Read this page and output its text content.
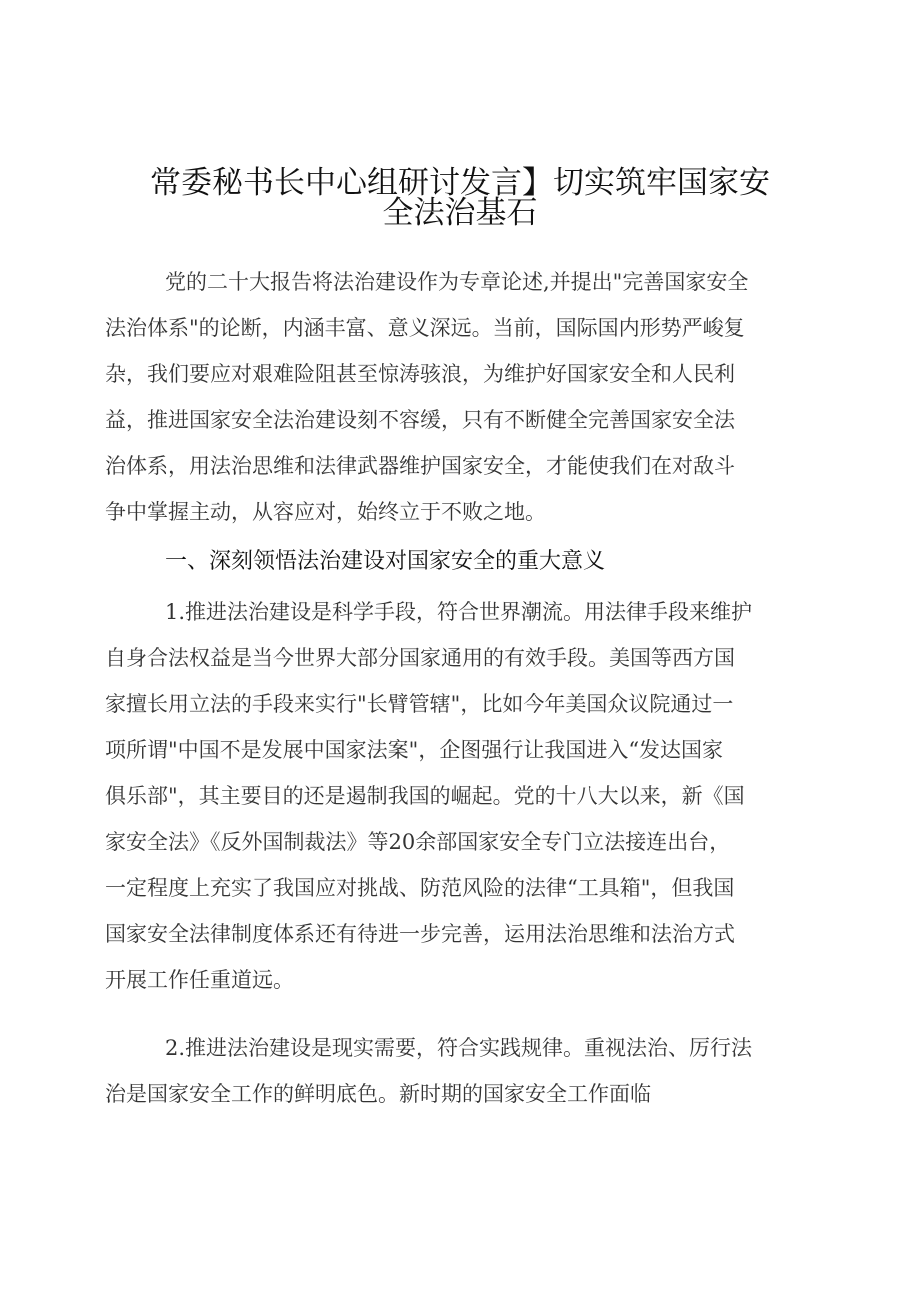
常委秘书长中心组研讨发言】切实筑牢国家安
全法治基石
党的二十大报告将法治建设作为专章论述,并提出"完善国家安全
法治体系"的论断，内涵丰富、意义深远。当前，国际国内形势严峻复
杂，我们要应对艰难险阻甚至惊涛骇浪，为维护好国家安全和人民利
益，推进国家安全法治建设刻不容缓，只有不断健全完善国家安全法
治体系，用法治思维和法律武器维护国家安全，才能使我们在对敌斗
争中掌握主动，从容应对，始终立于不败之地。
一、深刻领悟法治建设对国家安全的重大意义
1.推进法治建设是科学手段，符合世界潮流。用法律手段来维护
自身合法权益是当今世界大部分国家通用的有效手段。美国等西方国
家擅长用立法的手段来实行"长臂管辖"，比如今年美国众议院通过一
项所谓"中国不是发展中国家法案"，企图强行让我国进入“发达国家
俱乐部"，其主要目的还是遏制我国的崛起。党的十八大以来，新《国
家安全法》《反外国制裁法》等20余部国家安全专门立法接连出台，
一定程度上充实了我国应对挑战、防范风险的法律“工具箱"，但我国
国家安全法律制度体系还有待进一步完善，运用法治思维和法治方式
开展工作任重道远。
2.推进法治建设是现实需要，符合实践规律。重视法治、厉行法
治是国家安全工作的鲜明底色。新时期的国家安全工作面临
